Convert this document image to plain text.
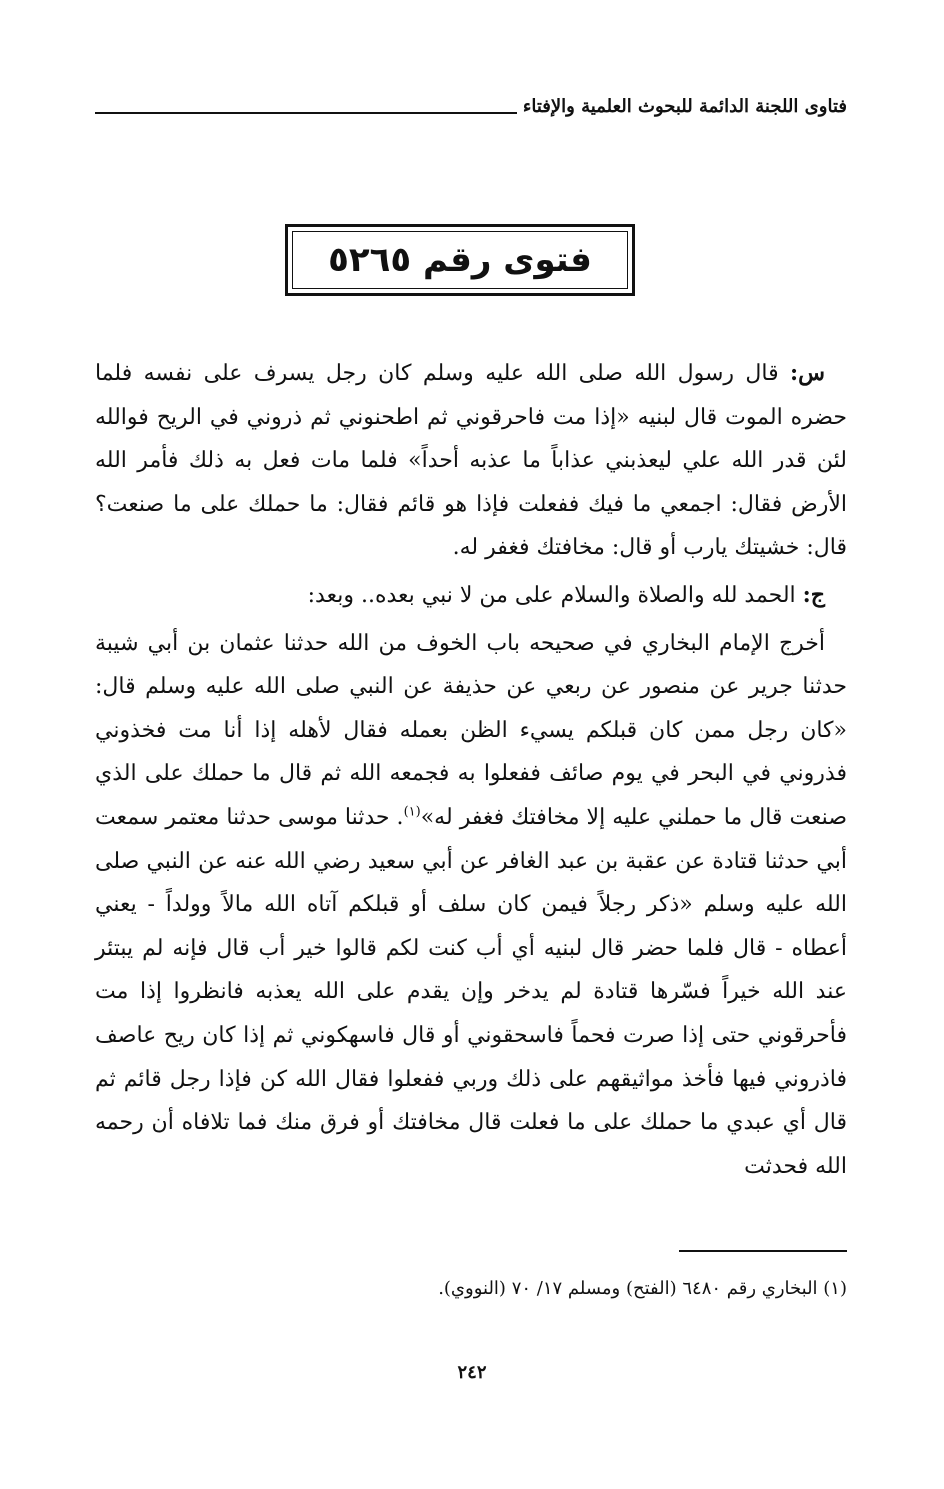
فتاوى اللجنة الدائمة للبحوث العلمية والإفتاء
فتوى رقم ٥٢٦٥

س: قال رسول الله صلى الله عليه وسلم كان رجل يسرف على نفسه فلما حضره الموت قال لبنيه «إذا مت فاحرقوني ثم اطحنوني ثم ذروني في الريح فوالله لئن قدر الله علي ليعذبني عذاباً ما عذبه أحداً» فلما مات فعل به ذلك فأمر الله الأرض فقال: اجمعي ما فيك ففعلت فإذا هو قائم فقال: ما حملك على ما صنعت؟ قال: خشيتك يارب أو قال: مخافتك فغفر له.

ج: الحمد لله والصلاة والسلام على من لا نبي بعده.. وبعد:

أخرج الإمام البخاري في صحيحه باب الخوف من الله حدثنا عثمان بن أبي شيبة حدثنا جرير عن منصور عن ربعي عن حذيفة عن النبي صلى الله عليه وسلم قال: «كان رجل ممن كان قبلكم يسيء الظن بعمله فقال لأهله إذا أنا مت فخذوني فذروني في البحر في يوم صائف ففعلوا به فجمعه الله ثم قال ما حملك على الذي صنعت قال ما حملني عليه إلا مخافتك فغفر له»$^{(١)}$. حدثنا موسى حدثنا معتمر سمعت أبي حدثنا قتادة عن عقبة بن عبد الغافر عن أبي سعيد رضي الله عنه عن النبي صلى الله عليه وسلم «ذكر رجلاً فيمن كان سلف أو قبلكم آتاه الله مالاً وولداً - يعني أعطاه - قال فلما حضر قال لبنيه أي أب كنت لكم قالوا خير أب قال فإنه لم يبتئر عند الله خيراً فسّرها قتادة لم يدخر وإن يقدم على الله يعذبه فانظروا إذا مت فأحرقوني حتى إذا صرت فحماً فاسحقوني أو قال فاسهكوني ثم إذا كان ريح عاصف فاذروني فيها فأخذ مواثيقهم على ذلك وربي ففعلوا فقال الله كن فإذا رجل قائم ثم قال أي عبدي ما حملك على ما فعلت قال مخافتك أو فرق منك فما تلافاه أن رحمه الله فحدثت

(١) البخاري رقم ٦٤٨٠ (الفتح) ومسلم ١٧/ ٧٠ (النووي).
٢٤٢
